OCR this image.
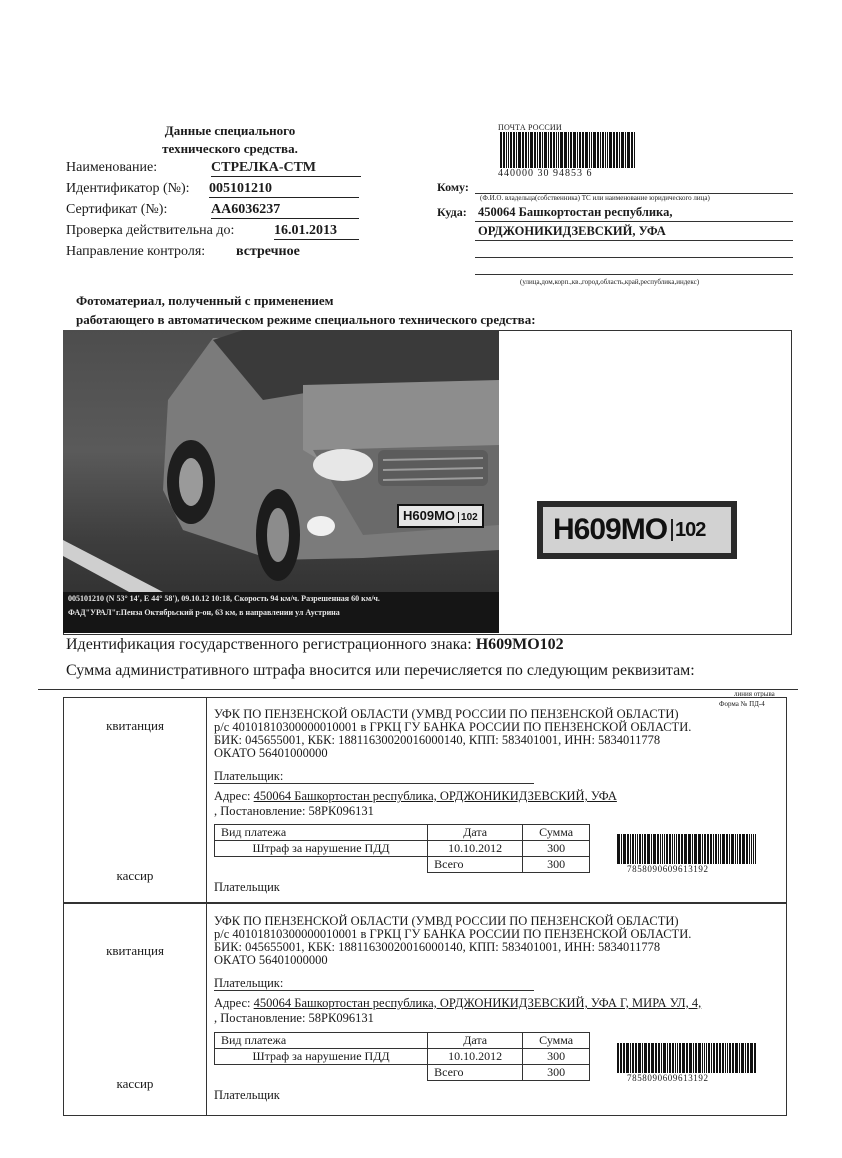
Данные специального
технического средства.
Наименование:	СТРЕЛКА-СТМ
Идентификатор (№): 005101210
Сертификат (№):	АА6036237
Проверка действительна до:	16.01.2013
Направление контроля: встречное
ПОЧТА РОССИИ
440000 30 94853 6
Кому:
(Ф.И.О. владельца(собственника) ТС или наименование юридического лица)
Куда: 450064 Башкортостан республика,
ОРДЖОНИКИДЗЕВСКИЙ, УФА
(улица,дом,корп.,кв.,город,область,край,республика,индекс)
Фотоматериал, полученный с применением
работающего в автоматическом режиме специального технического средства:
Н609МО 102
005101210 (N 53° 14', E 44° 58'), 09.10.12 10:18, Скорость 94 км/ч. Разрешенная 60 км/ч.
ФАД"УРАЛ"г.Пенза Октябрьский р-он, 63 км, в направлении ул Аустрина
Н609МО $^{102}$
Идентификация государственного регистрационного знака: Н609МО102
Сумма административного штрафа вносится или перечисляется по следующим реквизитам:
линия отрыва
Форма № ПД-4
квитанция
кассир
УФК ПО ПЕНЗЕНСКОЙ ОБЛАСТИ (УМВД РОССИИ ПО ПЕНЗЕНСКОЙ ОБЛАСТИ)
р/с 40101810300000010001 в ГРКЦ ГУ БАНКА РОССИИ ПО ПЕНЗЕНСКОЙ ОБЛАСТИ.
БИК: 045655001, КБК: 18811630020016000140, КПП: 583401001, ИНН: 5834011778
ОКАТО 56401000000
Плательщик:
Адрес: 450064 Башкортостан республика, ОРДЖОНИКИДЗЕВСКИЙ, УФА
, Постановление: 58РК096131
Вид платежа	Дата	Сумма
Штраф за нарушение ПДД	10.10.2012	300
	Всего	300
Плательщик
7858090609613192
квитанция
кассир
УФК ПО ПЕНЗЕНСКОЙ ОБЛАСТИ (УМВД РОССИИ ПО ПЕНЗЕНСКОЙ ОБЛАСТИ)
р/с 40101810300000010001 в ГРКЦ ГУ БАНКА РОССИИ ПО ПЕНЗЕНСКОЙ ОБЛАСТИ.
БИК: 045655001, КБК: 18811630020016000140, КПП: 583401001, ИНН: 5834011778
ОКАТО 56401000000
Плательщик:
Адрес: 450064 Башкортостан республика, ОРДЖОНИКИДЗЕВСКИЙ, УФА Г, МИРА УЛ, 4,
, Постановление: 58РК096131
Вид платежа	Дата	Сумма
Штраф за нарушение ПДД	10.10.2012	300
	Всего	300
Плательщик
7858090609613192
